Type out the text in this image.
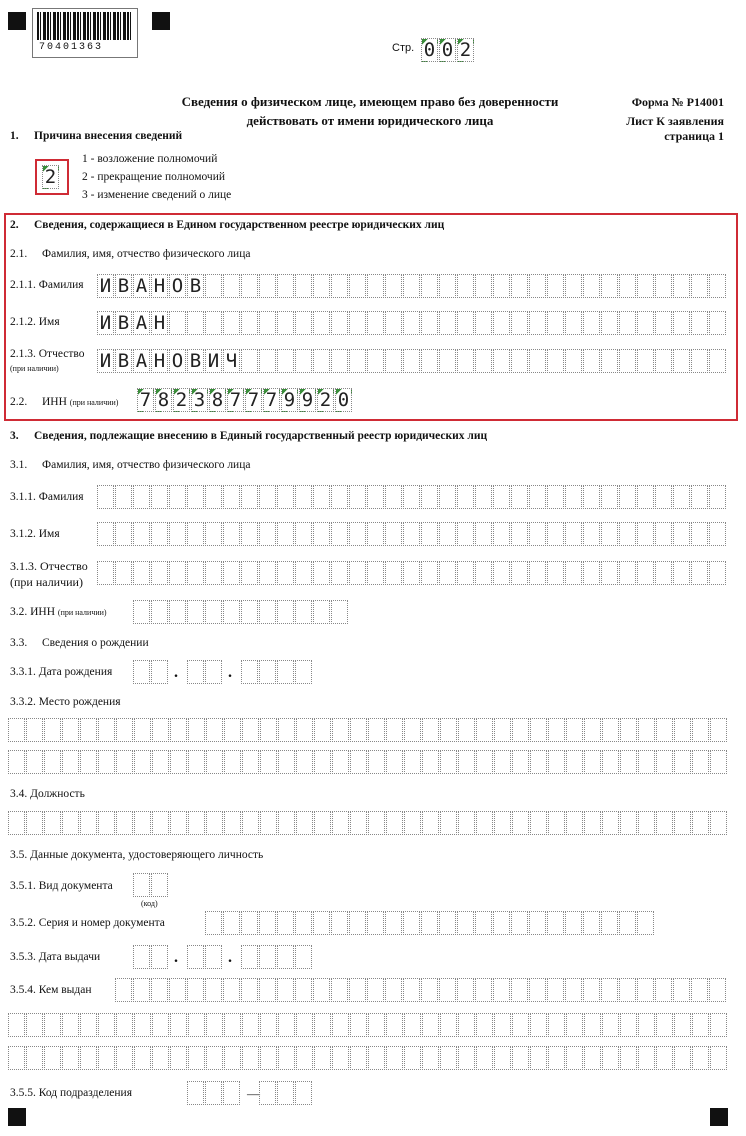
70401363	Стр. 0 0 2
Сведения о физическом лице, имеющем право без доверенности
действовать от имени юридического лица
Форма № Р14001
Лист К заявления
страница 1
1. Причина внесения сведений
2
1 - возложение полномочий
2 - прекращение полномочий
3 - изменение сведений о лице
2. Сведения, содержащиеся в Едином государственном реестре юридических лиц
2.1. Фамилия, имя, отчество физического лица
2.1.1. Фамилия И В А Н О В
2.1.2. Имя И В А Н
2.1.3. Отчество
(при наличии) И В А Н О В И Ч
2.2. ИНН (при наличии) 7 8 2 3 8 7 7 7 9 9 2 0
3. Сведения, подлежащие внесению в Единый государственный реестр юридических лиц
3.1. Фамилия, имя, отчество физического лица
3.1.1. Фамилия
3.1.2. Имя
3.1.3. Отчество
(при наличии)
3.2. ИНН (при наличии)
3.3. Сведения о рождении
3.3.1. Дата рождения	.	.
3.3.2. Место рождения
3.4. Должность
3.5. Данные документа, удостоверяющего личность
3.5.1. Вид документа
(код)
3.5.2. Серия и номер документа
3.5.3. Дата выдачи	.	.
3.5.4. Кем выдан
3.5.5. Код подразделения	—
